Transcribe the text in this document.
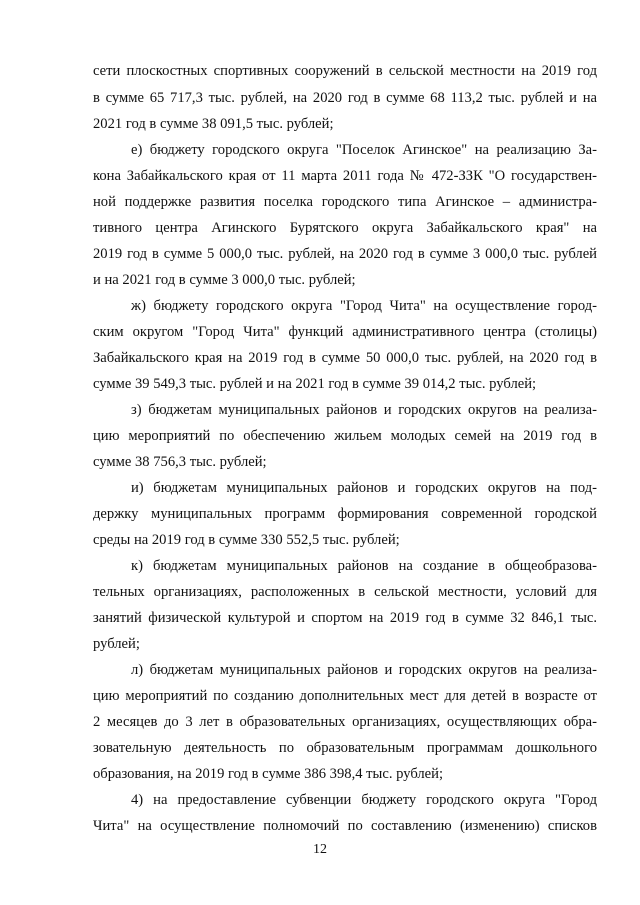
сети плоскостных спортивных сооружений в сельской местности на 2019 год

в сумме 65 717,3 тыс. рублей, на 2020 год в сумме 68 113,2 тыс. рублей и на

2021 год в сумме 38 091,5 тыс. рублей;

е) бюджету городского округа "Поселок Агинское" на реализацию За-

кона Забайкальского края от 11 марта 2011 года № 472-ЗЗК "О государствен-

ной поддержке развития поселка городского типа Агинское – администра-

тивного центра Агинского Бурятского округа Забайкальского края" на

2019 год в сумме 5 000,0 тыс. рублей, на 2020 год в сумме 3 000,0 тыс. рублей

и на 2021 год в сумме 3 000,0 тыс. рублей;

ж) бюджету городского округа "Город Чита" на осуществление город-

ским округом "Город Чита" функций административного центра (столицы)

Забайкальского края на 2019 год в сумме 50 000,0 тыс. рублей, на 2020 год в

сумме 39 549,3 тыс. рублей и на 2021 год в сумме 39 014,2 тыс. рублей;

з) бюджетам муниципальных районов и городских округов на реализа-

цию мероприятий по обеспечению жильем молодых семей на 2019 год в

сумме 38 756,3 тыс. рублей;

и) бюджетам муниципальных районов и городских округов на под-

держку муниципальных программ формирования современной городской

среды на 2019 год в сумме 330 552,5 тыс. рублей;

к) бюджетам муниципальных районов на создание в общеобразова-

тельных организациях, расположенных в сельской местности, условий для

занятий физической культурой и спортом на 2019 год в сумме 32 846,1 тыс.

рублей;

л) бюджетам муниципальных районов и городских округов на реализа-

цию мероприятий по созданию дополнительных мест для детей в возрасте от

2 месяцев до 3 лет в образовательных организациях, осуществляющих обра-

зовательную деятельность по образовательным программам дошкольного

образования, на 2019 год в сумме 386 398,4 тыс. рублей;

4) на предоставление субвенции бюджету городского округа "Город

Чита" на осуществление полномочий по составлению (изменению) списков

12
